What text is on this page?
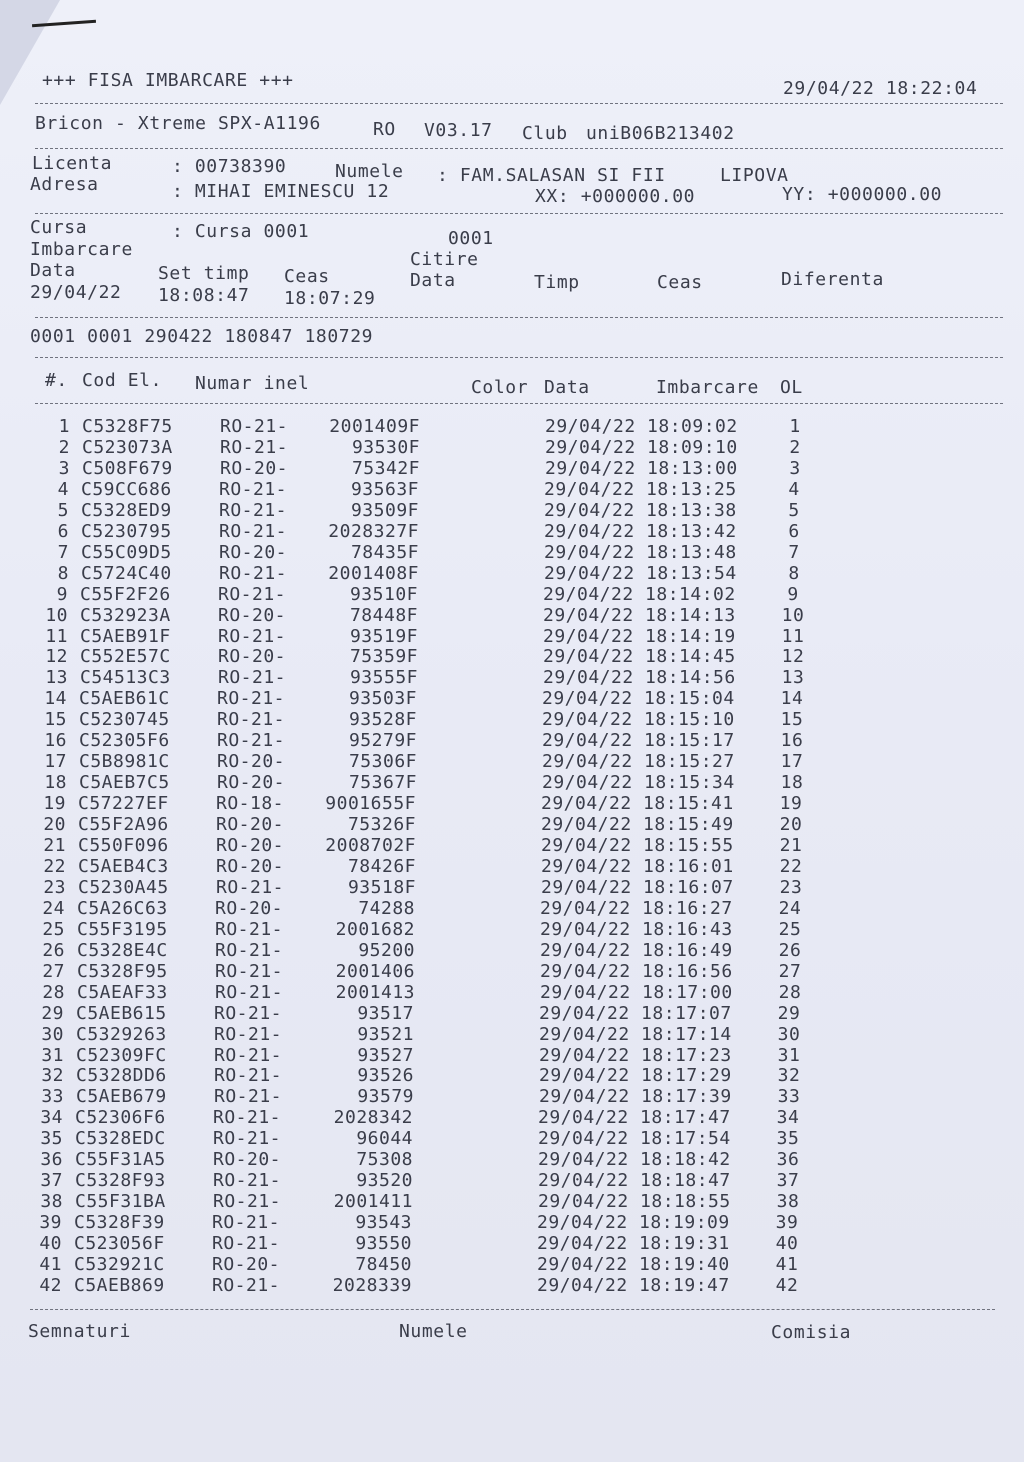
+++ FISA IMBARCARE +++	29/04/22 18:22:04
Bricon - Xtreme SPX-A1196	RO V03.17 Club uniB06B213402
Licenta	: 00738390	Numele : FAM.SALASAN SI FII	LIPOVA
Adresa	: MIHAI EMINESCU 12	XX: +000000.00	YY: +000000.00
Cursa	: Cursa 0001	0001
Imbarcare	Citire
Data	Set timp Ceas	Data	Timp	Ceas	Diferenta
29/04/22 18:08:47 18:07:29
0001 0001 290422 180847 180729
#. Cod El. Numar inel	Color Data	Imbarcare OL
1 C5328F75	RO-21- 2001409F	29/04/22 18:09:02	1
2 C523073A	RO-21-	93530F	29/04/22 18:09:10	2
3 C508F679	RO-20-	75342F	29/04/22 18:13:00	3
4 C59CC686	RO-21-	93563F	29/04/22 18:13:25	4
5 C5328ED9	RO-21-	93509F	29/04/22 18:13:38	5
6 C5230795	RO-21- 2028327F	29/04/22 18:13:42	6
7 C55C09D5	RO-20-	78435F	29/04/22 18:13:48	7
8 C5724C40	RO-21- 2001408F	29/04/22 18:13:54	8
9 C55F2F26	RO-21-	93510F	29/04/22 18:14:02	9
10 C532923A	RO-20-	78448F	29/04/22 18:14:13	10
11 C5AEB91F	RO-21-	93519F	29/04/22 18:14:19	11
12 C552E57C	RO-20-	75359F	29/04/22 18:14:45	12
13 C54513C3	RO-21-	93555F	29/04/22 18:14:56	13
14 C5AEB61C	RO-21-	93503F	29/04/22 18:15:04	14
15 C5230745	RO-21-	93528F	29/04/22 18:15:10	15
16 C52305F6	RO-21-	95279F	29/04/22 18:15:17	16
17 C5B8981C	RO-20-	75306F	29/04/22 18:15:27	17
18 C5AEB7C5	RO-20-	75367F	29/04/22 18:15:34	18
19 C57227EF	RO-18- 9001655F	29/04/22 18:15:41	19
20 C55F2A96	RO-20-	75326F	29/04/22 18:15:49	20
21 C550F096	RO-20- 2008702F	29/04/22 18:15:55	21
22 C5AEB4C3	RO-20-	78426F	29/04/22 18:16:01	22
23 C5230A45	RO-21-	93518F	29/04/22 18:16:07	23
24 C5A26C63	RO-20-	74288	29/04/22 18:16:27	24
25 C55F3195	RO-21-	2001682	29/04/22 18:16:43	25
26 C5328E4C	RO-21-	95200	29/04/22 18:16:49	26
27 C5328F95	RO-21-	2001406	29/04/22 18:16:56	27
28 C5AEAF33	RO-21-	2001413	29/04/22 18:17:00	28
29 C5AEB615	RO-21-	93517	29/04/22 18:17:07	29
30 C5329263	RO-21-	93521	29/04/22 18:17:14	30
31 C52309FC	RO-21-	93527	29/04/22 18:17:23	31
32 C5328DD6	RO-21-	93526	29/04/22 18:17:29	32
33 C5AEB679	RO-21-	93579	29/04/22 18:17:39	33
34 C52306F6	RO-21-	2028342	29/04/22 18:17:47	34
35 C5328EDC	RO-21-	96044	29/04/22 18:17:54	35
36 C55F31A5	RO-20-	75308	29/04/22 18:18:42	36
37 C5328F93	RO-21-	93520	29/04/22 18:18:47	37
38 C55F31BA	RO-21-	2001411	29/04/22 18:18:55	38
39 C5328F39	RO-21-	93543	29/04/22 18:19:09	39
40 C523056F	RO-21-	93550	29/04/22 18:19:31	40
41 C532921C	RO-20-	78450	29/04/22 18:19:40	41
42 C5AEB869	RO-21-	2028339	29/04/22 18:19:47	42
Semnaturi	Numele	Comisia
